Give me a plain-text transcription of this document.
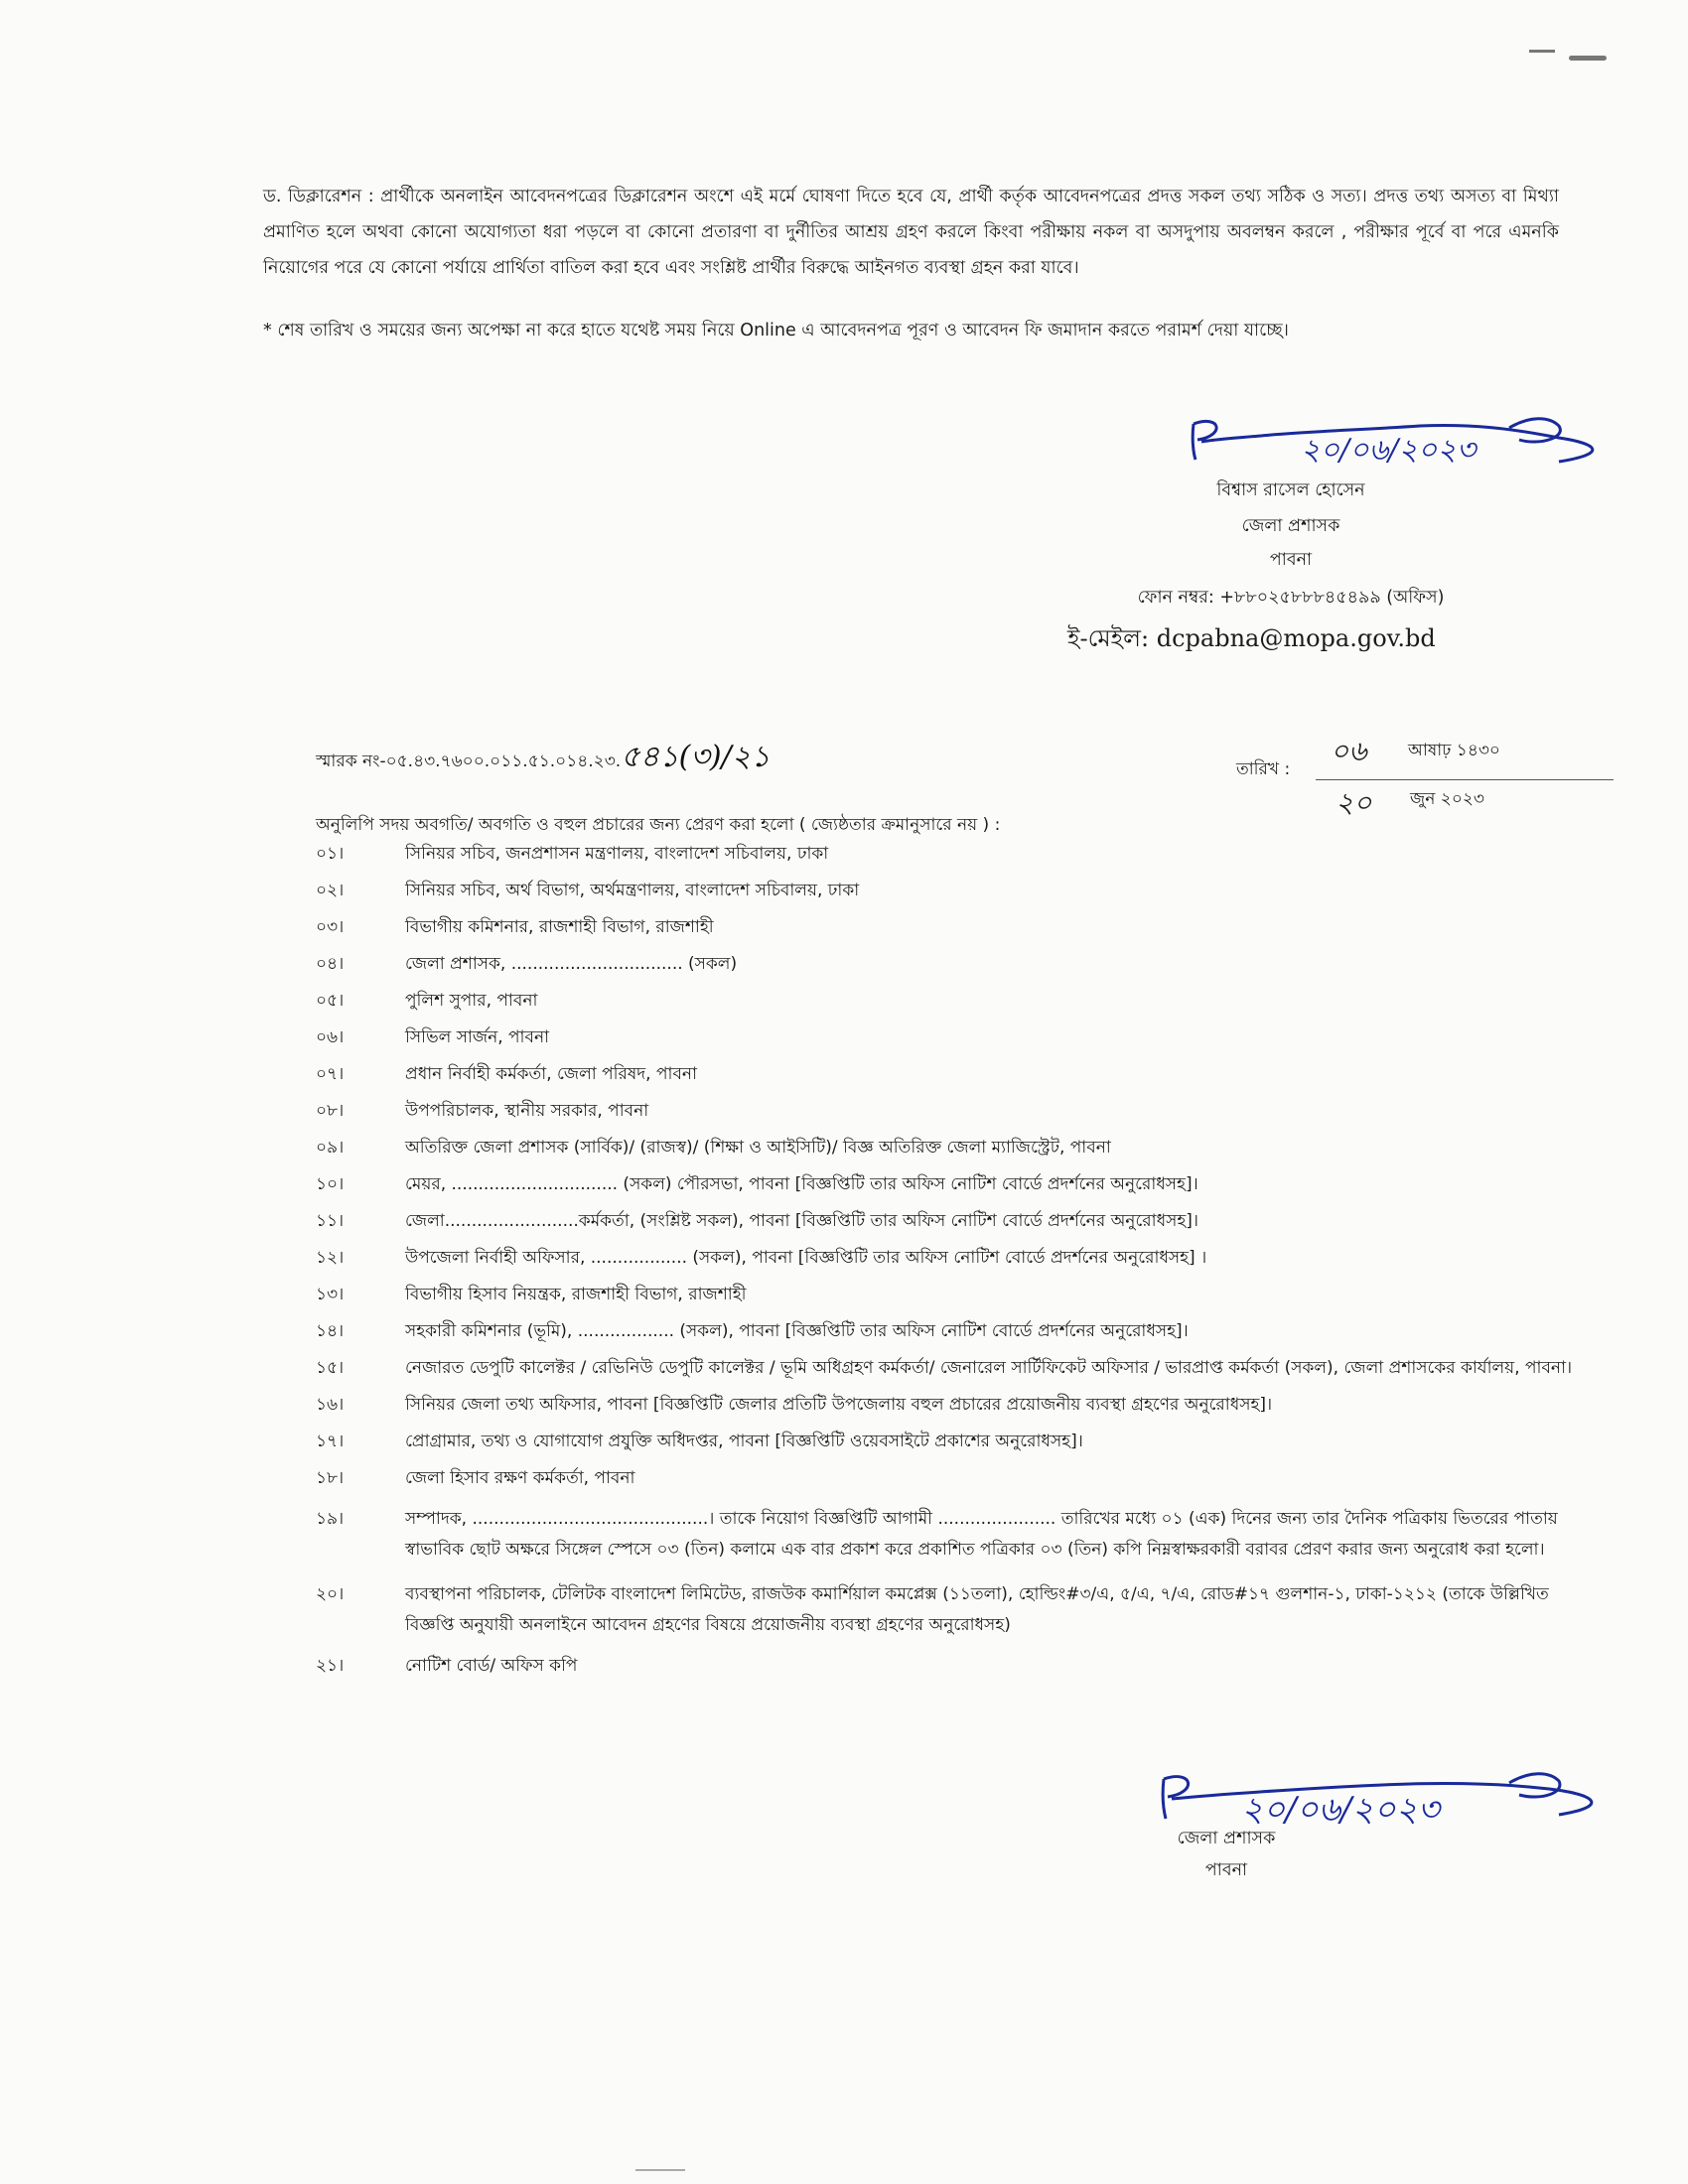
ড. ডিক্লারেশন : প্রার্থীকে অনলাইন আবেদনপত্রের ডিক্লারেশন অংশে এই মর্মে ঘোষণা দিতে হবে যে, প্রার্থী কর্তৃক আবেদনপত্রের প্রদত্ত সকল তথ্য সঠিক ও সত্য। প্রদত্ত তথ্য অসত্য বা মিথ্যা প্রমাণিত হলে অথবা কোনো অযোগ্যতা ধরা পড়লে বা কোনো প্রতারণা বা দুর্নীতির আশ্রয় গ্রহণ করলে কিংবা পরীক্ষায় নকল বা অসদুপায় অবলম্বন করলে , পরীক্ষার পূর্বে বা পরে এমনকি নিয়োগের পরে যে কোনো পর্যায়ে প্রার্থিতা বাতিল করা হবে এবং সংশ্লিষ্ট প্রার্থীর বিরুদ্ধে আইনগত ব্যবস্থা গ্রহন করা যাবে।
* শেষ তারিখ ও সময়ের জন্য অপেক্ষা না করে হাতে যথেষ্ট সময় নিয়ে Online এ আবেদনপত্র পূরণ ও আবেদন ফি জমাদান করতে পরামর্শ দেয়া যাচ্ছে।
২০/০৬/২০২৩
বিশ্বাস রাসেল হোসেন
জেলা প্রশাসক
পাবনা
ফোন নম্বর: +৮৮০২৫৮৮৮৪৫৪৯৯ (অফিস)
ই-মেইল: dcpabna@mopa.gov.bd
স্মারক নং-০৫.৪৩.৭৬০০.০১১.৫১.০১৪.২৩.৫৪১(৩)/২১	তারিখ :
০৬ আষাঢ় ১৪৩০
২০ জুন ২০২৩
অনুলিপি সদয় অবগতি/ অবগতি ও বহুল প্রচারের জন্য প্রেরণ করা হলো ( জ্যেষ্ঠতার ক্রমানুসারে নয় ) :
০১।	সিনিয়র সচিব, জনপ্রশাসন মন্ত্রণালয়, বাংলাদেশ সচিবালয়, ঢাকা
০২।	সিনিয়র সচিব, অর্থ বিভাগ, অর্থমন্ত্রণালয়, বাংলাদেশ সচিবালয়, ঢাকা
০৩।	বিভাগীয় কমিশনার, রাজশাহী বিভাগ, রাজশাহী
০৪।	জেলা প্রশাসক, ................................ (সকল)
০৫।	পুলিশ সুপার, পাবনা
০৬।	সিভিল সার্জন, পাবনা
০৭।	প্রধান নির্বাহী কর্মকর্তা, জেলা পরিষদ, পাবনা
০৮।	উপপরিচালক, স্থানীয় সরকার, পাবনা
০৯।	অতিরিক্ত জেলা প্রশাসক (সার্বিক)/ (রাজস্ব)/ (শিক্ষা ও আইসিটি)/ বিজ্ঞ অতিরিক্ত জেলা ম্যাজিস্ট্রেট, পাবনা
১০।	মেয়র, ............................... (সকল) পৌরসভা, পাবনা [বিজ্ঞপ্তিটি তার অফিস নোটিশ বোর্ডে প্রদর্শনের অনুরোধসহ]।
১১।	জেলা.........................কর্মকর্তা, (সংশ্লিষ্ট সকল), পাবনা [বিজ্ঞপ্তিটি তার অফিস নোটিশ বোর্ডে প্রদর্শনের অনুরোধসহ]।
১২।	উপজেলা নির্বাহী অফিসার, .................. (সকল), পাবনা [বিজ্ঞপ্তিটি তার অফিস নোটিশ বোর্ডে প্রদর্শনের অনুরোধসহ] ।
১৩।	বিভাগীয় হিসাব নিয়ন্ত্রক, রাজশাহী বিভাগ, রাজশাহী
১৪।	সহকারী কমিশনার (ভূমি), .................. (সকল), পাবনা [বিজ্ঞপ্তিটি তার অফিস নোটিশ বোর্ডে প্রদর্শনের অনুরোধসহ]।
১৫।	নেজারত ডেপুটি কালেক্টর / রেভিনিউ ডেপুটি কালেক্টর / ভূমি অধিগ্রহণ কর্মকর্তা/ জেনারেল সার্টিফিকেট অফিসার / ভারপ্রাপ্ত কর্মকর্তা (সকল), জেলা প্রশাসকের কার্যালয়, পাবনা।
১৬।	সিনিয়র জেলা তথ্য অফিসার, পাবনা [বিজ্ঞপ্তিটি জেলার প্রতিটি উপজেলায় বহুল প্রচারের প্রয়োজনীয় ব্যবস্থা গ্রহণের অনুরোধসহ]।
১৭।	প্রোগ্রামার, তথ্য ও যোগাযোগ প্রযুক্তি অধিদপ্তর, পাবনা [বিজ্ঞপ্তিটি ওয়েবসাইটে প্রকাশের অনুরোধসহ]।
১৮।	জেলা হিসাব রক্ষণ কর্মকর্তা, পাবনা
১৯।	সম্পাদক, ............................................। তাকে নিয়োগ বিজ্ঞপ্তিটি আগামী ...................... তারিখের মধ্যে ০১ (এক) দিনের জন্য তার দৈনিক পত্রিকায় ভিতরের পাতায় স্বাভাবিক ছোট অক্ষরে সিঙ্গেল স্পেসে ০৩ (তিন) কলামে এক বার প্রকাশ করে প্রকাশিত পত্রিকার ০৩ (তিন) কপি নিম্নস্বাক্ষরকারী বরাবর প্রেরণ করার জন্য অনুরোধ করা হলো।
২০।	ব্যবস্থাপনা পরিচালক, টেলিটক বাংলাদেশ লিমিটেড, রাজউক কমার্শিয়াল কমপ্লেক্স (১১তলা), হোল্ডিং#৩/এ, ৫/এ, ৭/এ, রোড#১৭ গুলশান-১, ঢাকা-১২১২ (তাকে উল্লিখিত বিজ্ঞপ্তি অনুযায়ী অনলাইনে আবেদন গ্রহণের বিষয়ে প্রয়োজনীয় ব্যবস্থা গ্রহণের অনুরোধসহ)
২১।	নোটিশ বোর্ড/ অফিস কপি
২০/০৬/২০২৩
জেলা প্রশাসক
পাবনা
